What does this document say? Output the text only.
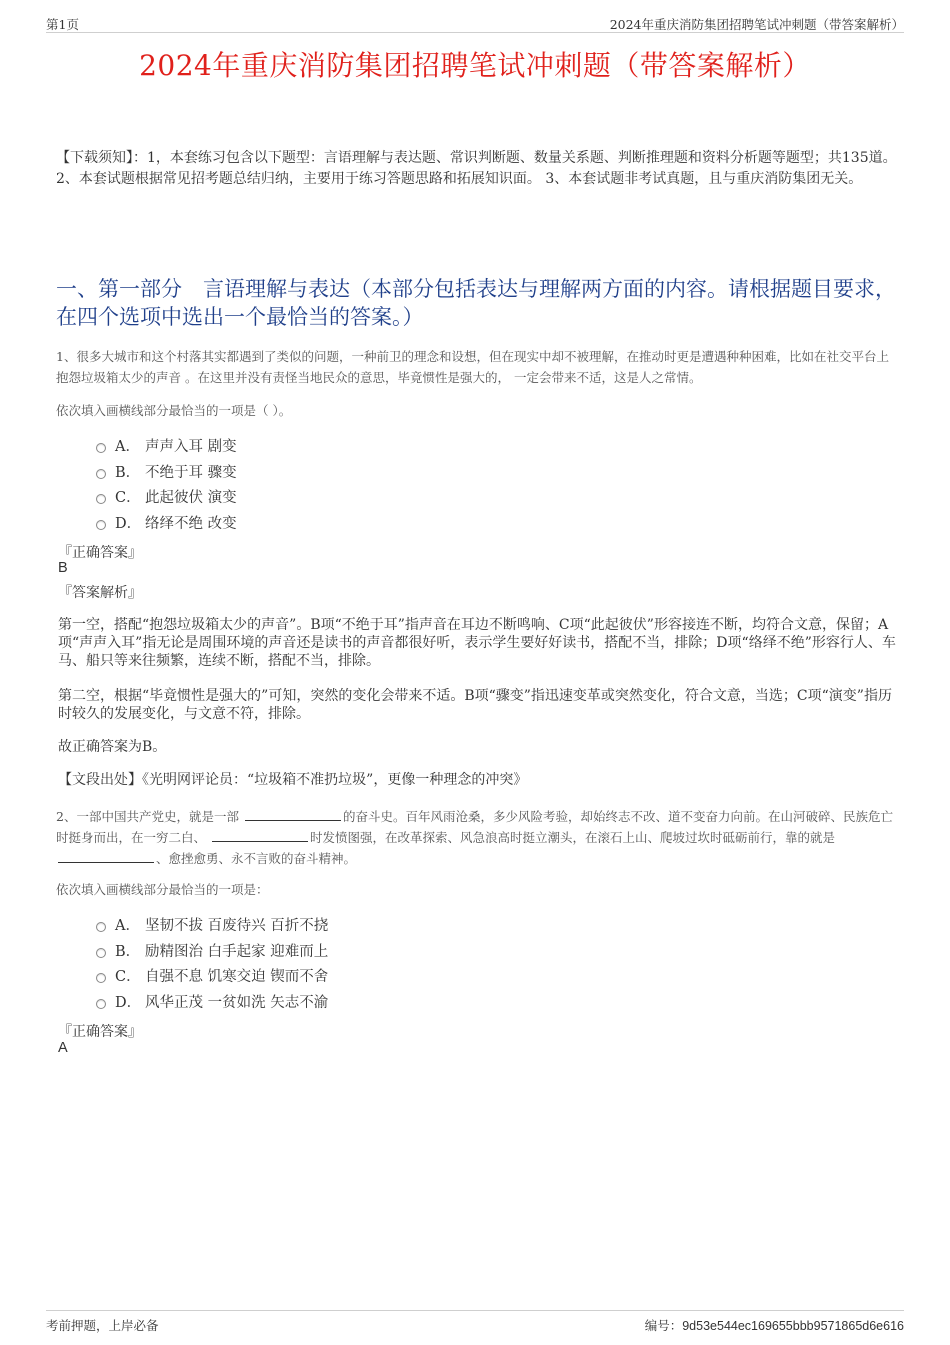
第1页	2024年重庆消防集团招聘笔试冲刺题（带答案解析）
2024年重庆消防集团招聘笔试冲刺题（带答案解析）
【下载须知】：1，本套练习包含以下题型：言语理解与表达题、常识判断题、数量关系题、判断推理题和资料分析题等题型；共135道。 2、本套试题根据常见招考题总结归纳，主要用于练习答题思路和拓展知识面。 3、本套试题非考试真题，且与重庆消防集团无关。
一、第一部分　言语理解与表达（本部分包括表达与理解两方面的内容。请根据题目要求，在四个选项中选出一个最恰当的答案。）
1、很多大城市和这个村落其实都遇到了类似的问题，一种前卫的理念和设想，但在现实中却不被理解，在推动时更是遭遇种种困难，比如在社交平台上抱怨垃圾箱太少的声音 。在这里并没有责怪当地民众的意思，毕竟惯性是强大的， 一定会带来不适，这是人之常情。
依次填入画横线部分最恰当的一项是（ ）。
A． 声声入耳 剧变
B． 不绝于耳 骤变
C． 此起彼伏 演变
D． 络绎不绝 改变
『正确答案』
B
『答案解析』
第一空，搭配“抱怨垃圾箱太少的声音”。B项“不绝于耳”指声音在耳边不断鸣响、C项“此起彼伏”形容接连不断，均符合文意，保留；A项“声声入耳”指无论是周围环境的声音还是读书的声音都很好听，表示学生要好好读书，搭配不当，排除；D项“络绎不绝”形容行人、车马、船只等来往频繁，连续不断，搭配不当，排除。
第二空，根据“毕竟惯性是强大的”可知，突然的变化会带来不适。B项“骤变”指迅速变革或突然变化，符合文意，当选；C项“演变”指历时较久的发展变化，与文意不符，排除。
故正确答案为B。
【文段出处】《光明网评论员：“垃圾箱不准扔垃圾”，更像一种理念的冲突》
2、一部中国共产党史，就是一部	的奋斗史。百年风雨沧桑，多少风险考验，却始终志不改、道不变奋力向前。在山河破碎、民族危亡时挺身而出，在一穷二白、	时发愤图强，在改革探索、风急浪高时挺立潮头，在滚石上山、爬坡过坎时砥砺前行，靠的就是 、愈挫愈勇、永不言败的奋斗精神。
依次填入画横线部分最恰当的一项是：
A． 坚韧不拔 百废待兴 百折不挠
B． 励精图治 白手起家 迎难而上
C． 自强不息 饥寒交迫 锲而不舍
D． 风华正茂 一贫如洗 矢志不渝
『正确答案』
A
考前押题，上岸必备	编号：9d53e544ec169655bbb9571865d6e616
